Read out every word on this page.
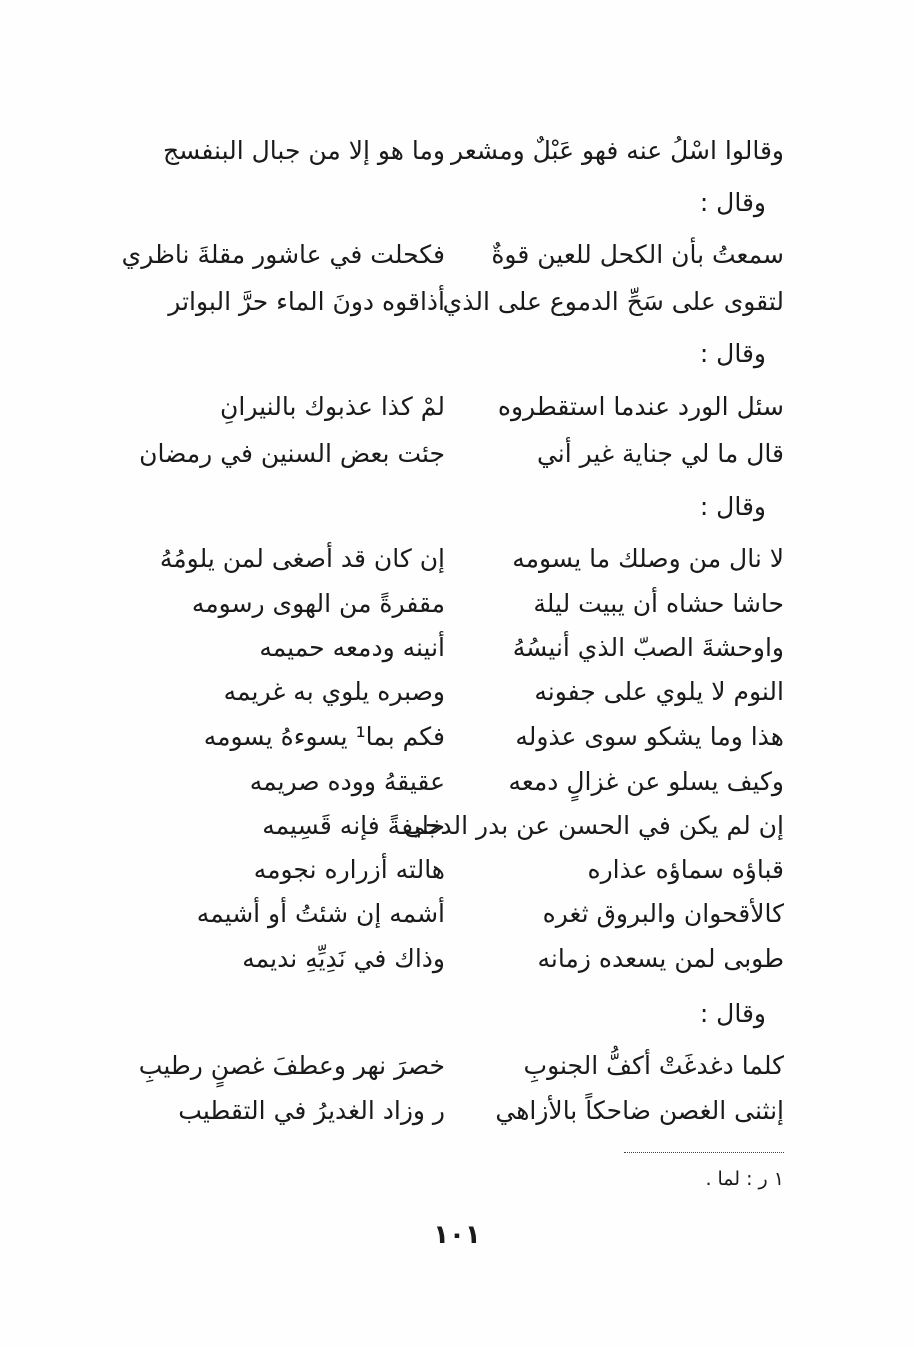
وقالوا اسْلُ عنه فهو عَبْلٌ ومشعر
وما هو إلا من جبال البنفسج
وقال :
سمعتُ بأن الكحل للعين قوةٌ
فكحلت في عاشور مقلةَ ناظري
لتقوى على سَحِّ الدموع على الذي
أذاقوه دونَ الماء حرَّ البواتر
وقال :
سئل الورد عندما استقطروه
لمْ كذا عذبوك بالنيرانِ
قال ما لي جناية غير أني
جئت بعض السنين في رمضان
وقال :
لا نال من وصلك ما يسومه
إن كان قد أصغى لمن يلومُهُ
حاشا حشاه أن يبيت ليلة
مقفرةً من الهوى رسومه
واوحشةَ الصبّ الذي أنيسُهُ
أنينه ودمعه حميمه
النوم لا يلوي على جفونه
وصبره يلوي به غريمه
هذا وما يشكو سوى عذوله
فكم بما¹ يسوءهُ يسومه
وكيف يسلو عن غزالٍ دمعه
عقيقهُ ووده صريمه
إن لم يكن في الحسن عن بدر الدجى
خليفةً فإنه قَسِيمه
قباؤه سماؤه عذاره
هالته أزراره نجومه
كالأقحوان والبروق ثغره
أشمه إن شئتُ أو أشيمه
طوبى لمن يسعده زمانه
وذاك في نَدِيِّهِ نديمه
وقال :
كلما دغدغَتْ أكفُّ الجنوبِ
خصرَ نهر وعطفَ غصنٍ رطيبِ
إنثنى الغصن ضاحكاً بالأزاهي
ر وزاد الغديرُ في التقطيب
١ ر : لما .
١٠١
